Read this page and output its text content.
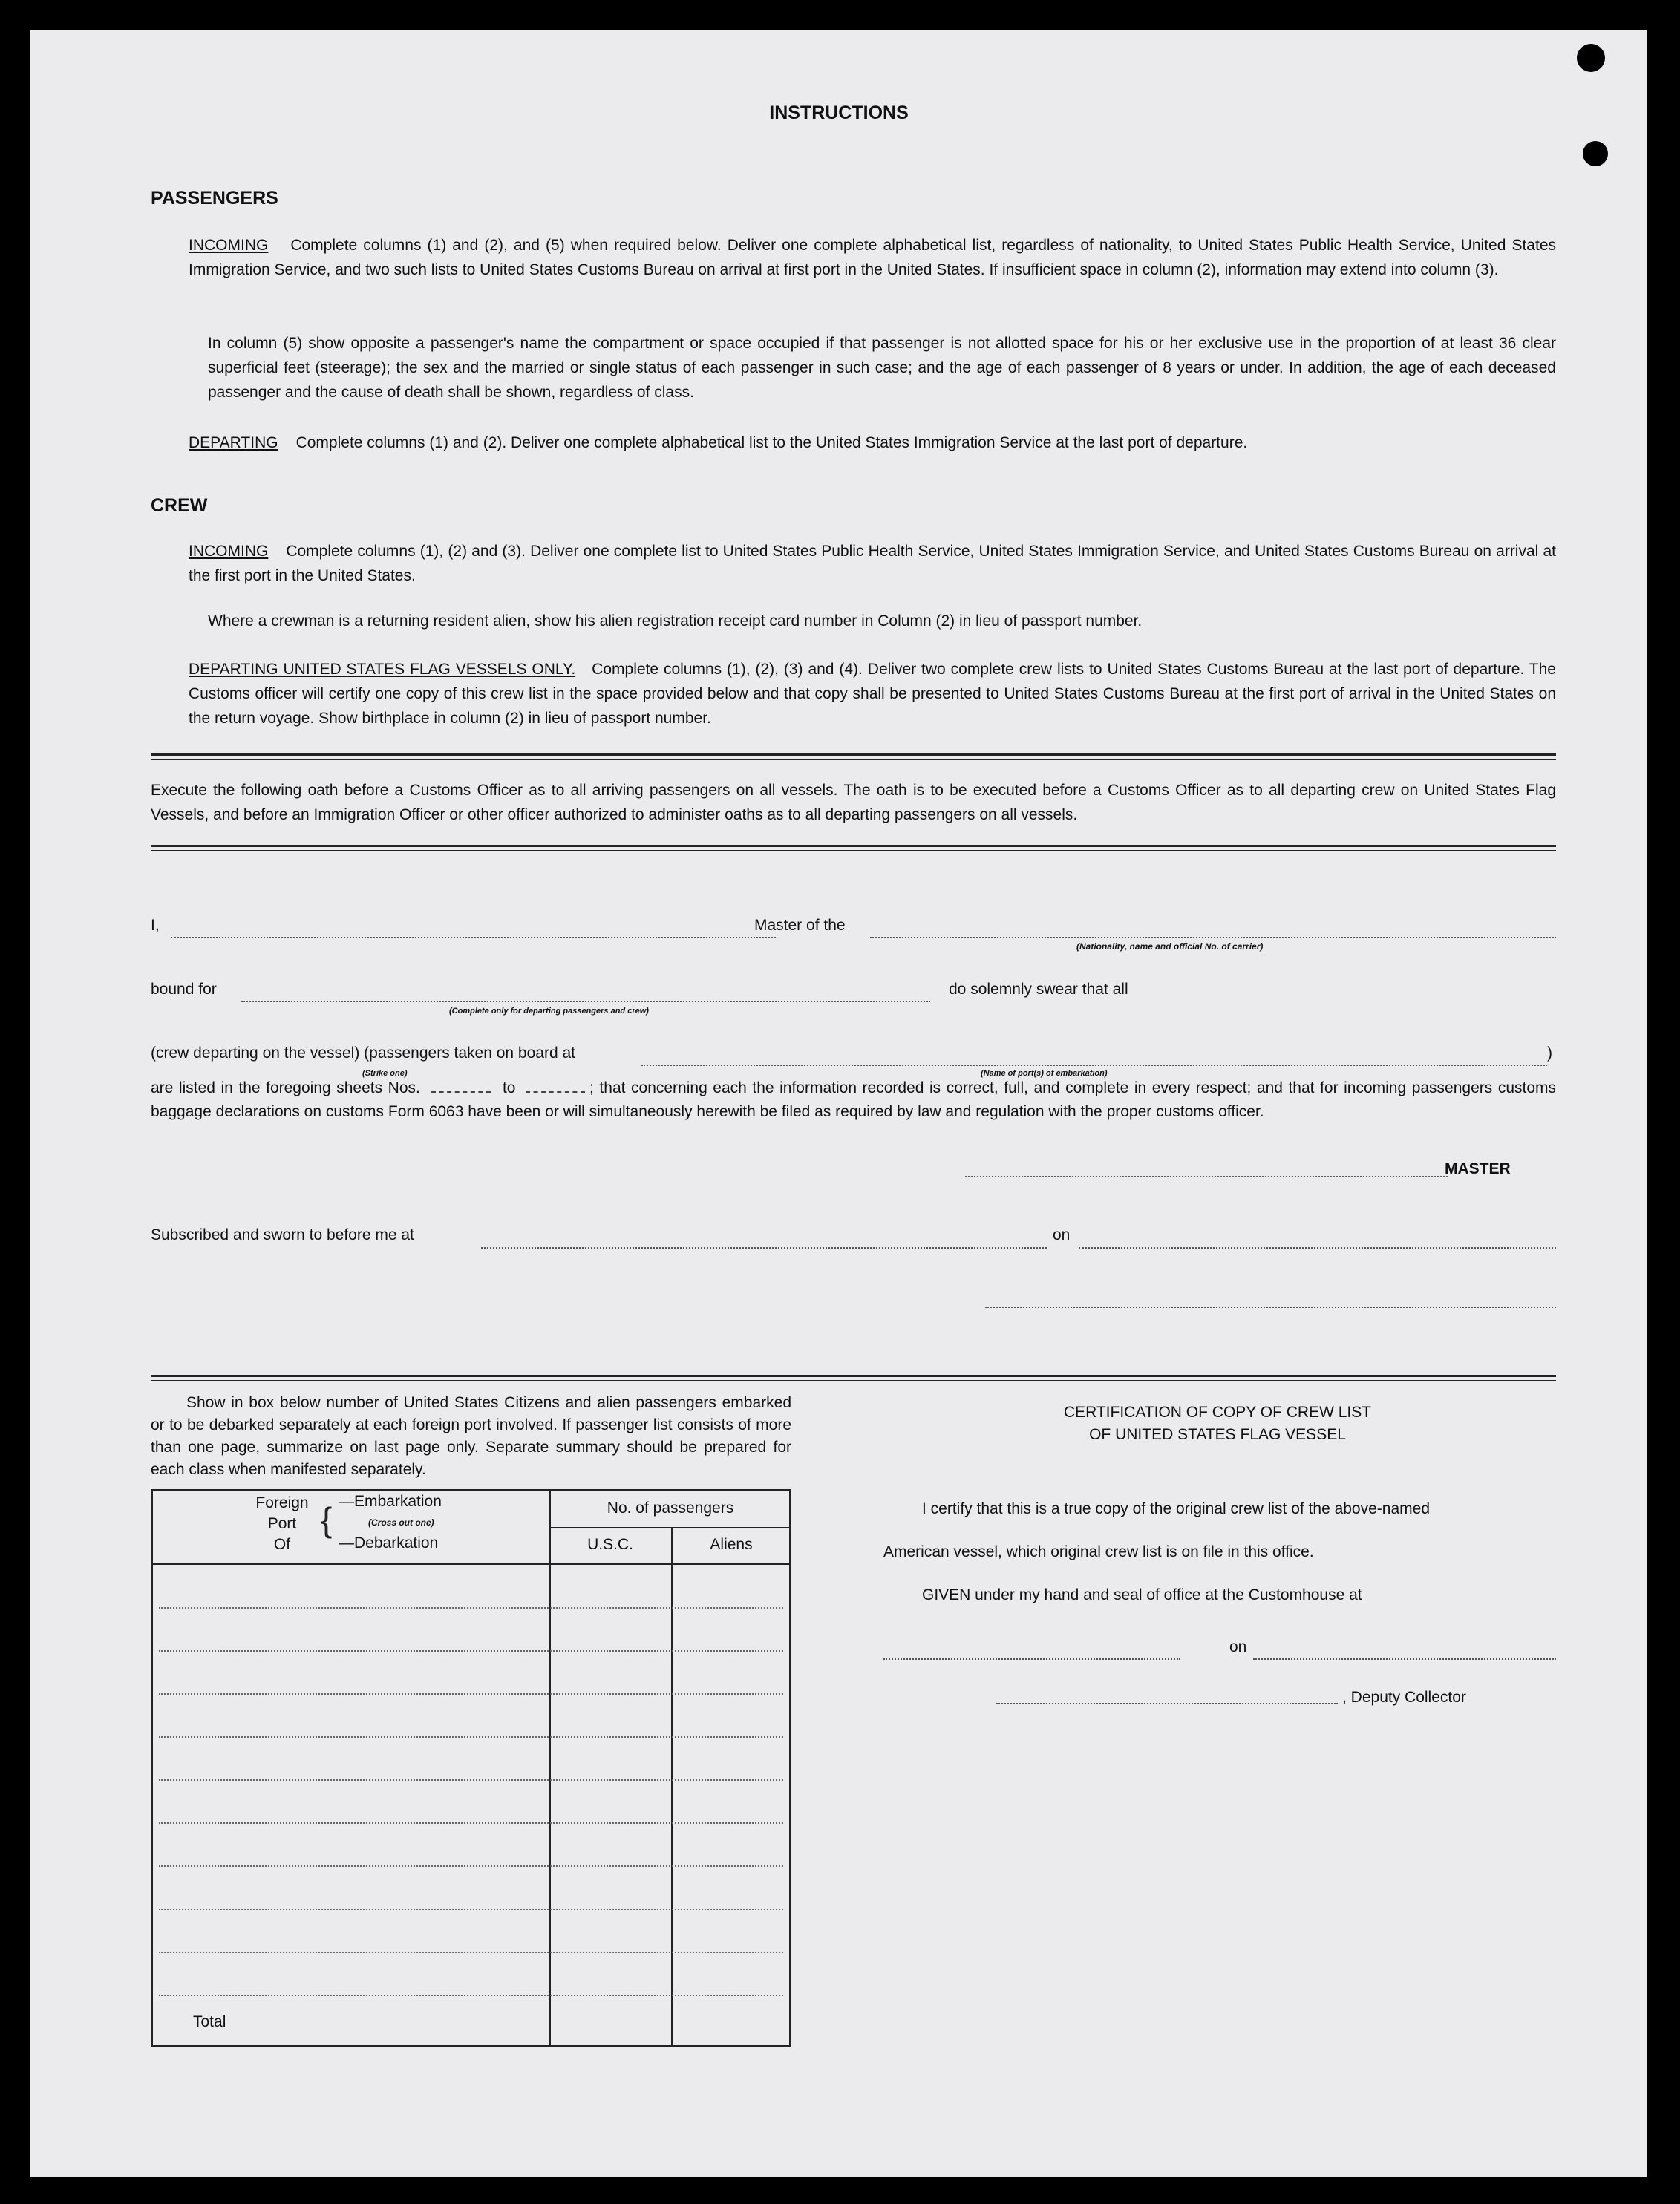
INSTRUCTIONS
PASSENGERS
INCOMING Complete columns (1) and (2), and (5) when required below. Deliver one complete alphabetical list, regardless of nationality, to United States Public Health Service, United States Immigration Service, and two such lists to United States Customs Bureau on arrival at first port in the United States. If insufficient space in column (2), information may extend into column (3).
In column (5) show opposite a passenger's name the compartment or space occupied if that passenger is not allotted space for his or her exclusive use in the proportion of at least 36 clear superficial feet (steerage); the sex and the married or single status of each passenger in such case; and the age of each passenger of 8 years or under. In addition, the age of each deceased passenger and the cause of death shall be shown, regardless of class.
DEPARTING Complete columns (1) and (2). Deliver one complete alphabetical list to the United States Immigration Service at the last port of departure.
CREW
INCOMING Complete columns (1), (2) and (3). Deliver one complete list to United States Public Health Service, United States Immigration Service, and United States Customs Bureau on arrival at the first port in the United States.
Where a crewman is a returning resident alien, show his alien registration receipt card number in Column (2) in lieu of passport number.
DEPARTING UNITED STATES FLAG VESSELS ONLY. Complete columns (1), (2), (3) and (4). Deliver two complete crew lists to United States Customs Bureau at the last port of departure. The Customs officer will certify one copy of this crew list in the space provided below and that copy shall be presented to United States Customs Bureau at the first port of arrival in the United States on the return voyage. Show birthplace in column (2) in lieu of passport number.
Execute the following oath before a Customs Officer as to all arriving passengers on all vessels. The oath is to be executed before a Customs Officer as to all departing crew on United States Flag Vessels, and before an Immigration Officer or other officer authorized to administer oaths as to all departing passengers on all vessels.
I,	Master of the
(Nationality, name and official No. of carrier)
bound for
(Complete only for departing passengers and crew)
do solemnly swear that all
(crew departing on the vessel) (passengers taken on board at
(Strike one)	(Name of port(s) of embarkation)
)
are listed in the foregoing sheets Nos.	to	; that concerning each the information recorded is correct, full, and complete in every respect; and that for incoming passengers customs baggage declarations on customs Form 6063 have been or will simultaneously herewith be filed as required by law and regulation with the proper customs officer.
MASTER
Subscribed and sworn to before me at	on
Show in box below number of United States Citizens and alien passengers embarked or to be debarked separately at each foreign port involved. If passenger list consists of more than one page, summarize on last page only. Separate summary should be prepared for each class when manifested separately.
Foreign
Port
Of
{ —Embarkation
(Cross out one)
—Debarkation
No. of passengers
U.S.C.	Aliens
Total
CERTIFICATION OF COPY OF CREW LIST
OF UNITED STATES FLAG VESSEL
I certify that this is a true copy of the original crew list of the above-named
American vessel, which original crew list is on file in this office.
GIVEN under my hand and seal of office at the Customhouse at
on
, Deputy Collector
